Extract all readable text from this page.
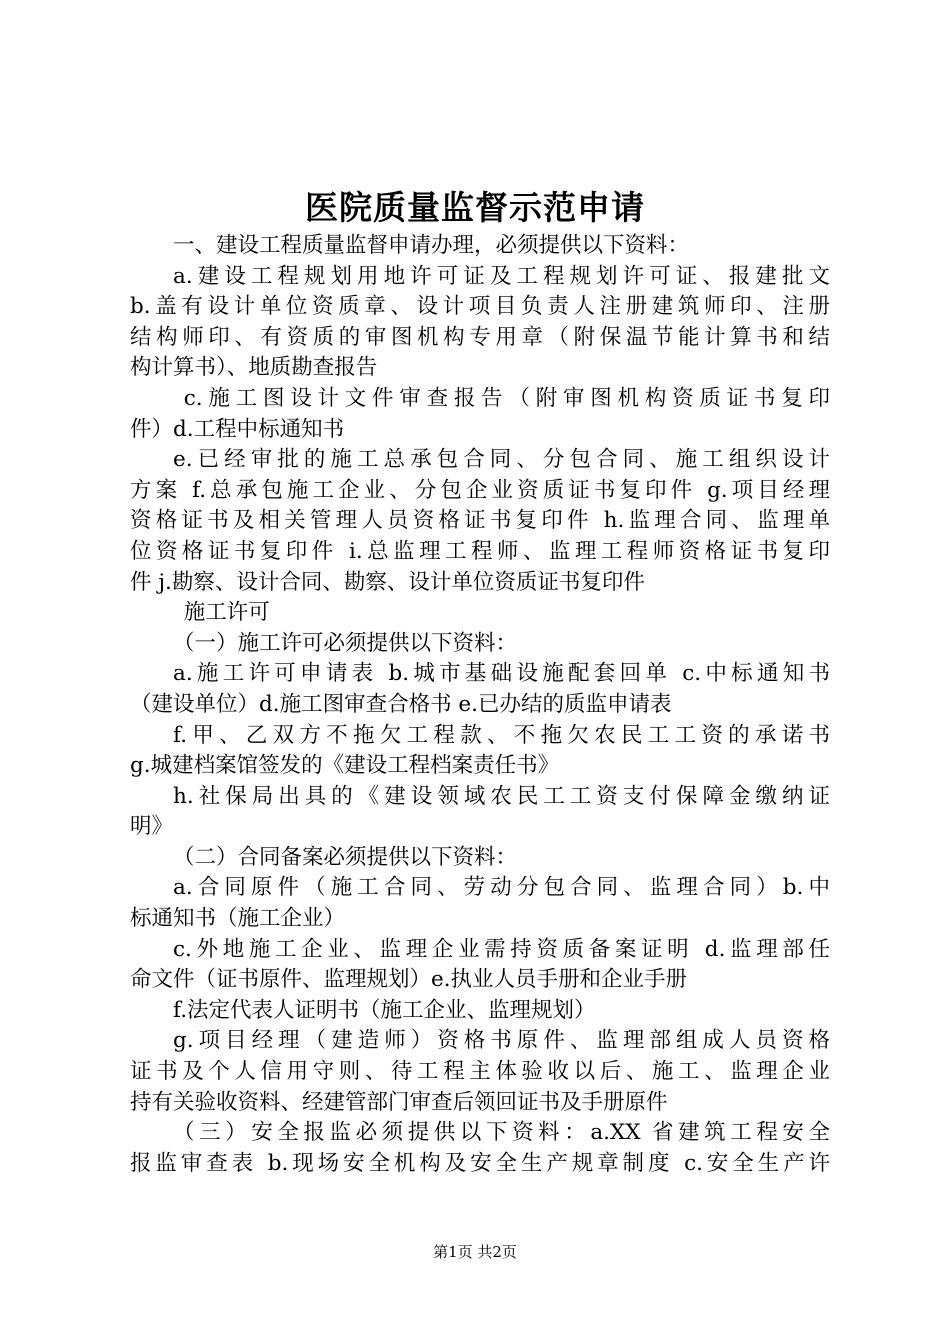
医院质量监督示范申请
一、建设工程质量监督申请办理，必须提供以下资料：
a.建设工程规划用地许可证及工程规划许可证、报建批文
b.盖有设计单位资质章、设计项目负责人注册建筑师印、注册
结构师印、有资质的审图机构专用章（附保温节能计算书和结
构计算书）、地质勘查报告
c.施工图设计文件审查报告（附审图机构资质证书复印
件）d.工程中标通知书
e.已经审批的施工总承包合同、分包合同、施工组织设计
方案 f.总承包施工企业、分包企业资质证书复印件 g.项目经理
资格证书及相关管理人员资格证书复印件 h.监理合同、监理单
位资格证书复印件 i.总监理工程师、监理工程师资格证书复印
件 j.勘察、设计合同、勘察、设计单位资质证书复印件
施工许可
（一）施工许可必须提供以下资料：
a.施工许可申请表 b.城市基础设施配套回单 c.中标通知书
（建设单位）d.施工图审查合格书 e.已办结的质监申请表
f.甲、乙双方不拖欠工程款、不拖欠农民工工资的承诺书
g.城建档案馆签发的《建设工程档案责任书》
h.社保局出具的《建设领域农民工工资支付保障金缴纳证
明》
（二）合同备案必须提供以下资料：
a.合同原件（施工合同、劳动分包合同、监理合同）b.中
标通知书（施工企业）
c.外地施工企业、监理企业需持资质备案证明 d.监理部任
命文件（证书原件、监理规划）e.执业人员手册和企业手册
f.法定代表人证明书（施工企业、监理规划）
g.项目经理（建造师）资格书原件、监理部组成人员资格
证书及个人信用守则、待工程主体验收以后、施工、监理企业
持有关验收资料、经建管部门审查后领回证书及手册原件
（三）安全报监必须提供以下资料：a.XX 省建筑工程安全
报监审查表 b.现场安全机构及安全生产规章制度 c.安全生产许
第1页 共2页
